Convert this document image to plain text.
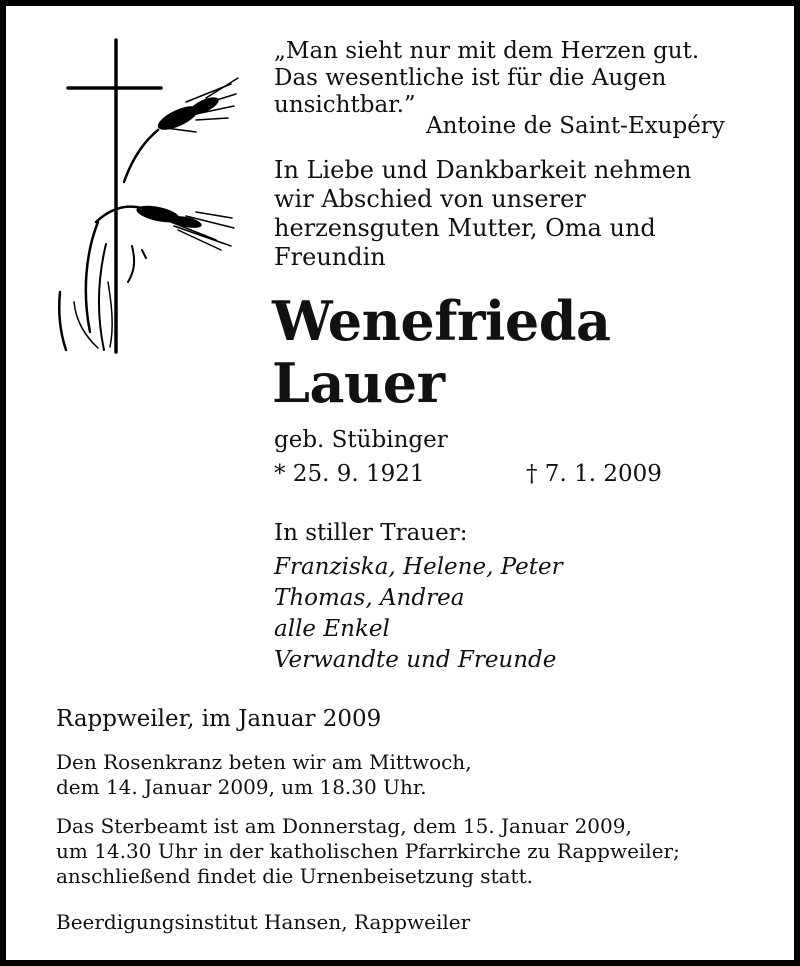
„Man sieht nur mit dem Herzen gut.
Das wesentliche ist für die Augen
unsichtbar.”
Antoine de Saint-Exupéry
In Liebe und Dankbarkeit nehmen
wir Abschied von unserer
herzensguten Mutter, Oma und
Freundin
Wenefrieda
Lauer
geb. Stübinger
* 25. 9. 1921	† 7. 1. 2009
In stiller Trauer:
Franziska, Helene, Peter
Thomas, Andrea
alle Enkel
Verwandte und Freunde
Rappweiler, im Januar 2009
Den Rosenkranz beten wir am Mittwoch,
dem 14. Januar 2009, um 18.30 Uhr.
Das Sterbeamt ist am Donnerstag, dem 15. Januar 2009,
um 14.30 Uhr in der katholischen Pfarrkirche zu Rappweiler;
anschließend findet die Urnenbeisetzung statt.
Beerdigungsinstitut Hansen, Rappweiler
